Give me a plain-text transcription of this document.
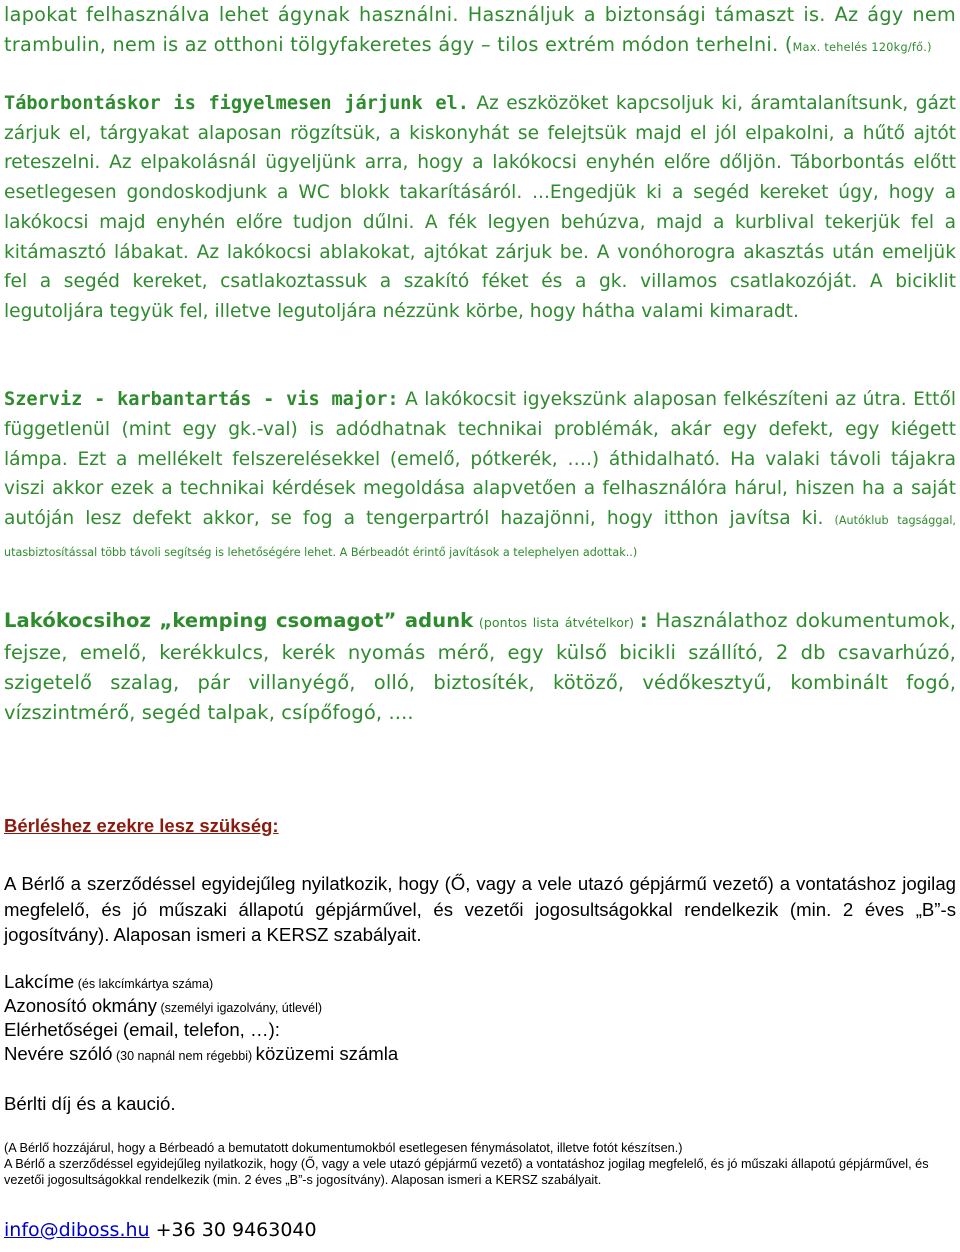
lapokat felhasználva lehet ágynak használni. Használjuk a biztonsági támaszt is. Az ágy nem trambulin, nem is az otthoni tölgyfakeretes ágy – tilos extrém módon terhelni. (Max. tehelés 120kg/fő.)

Táborbontáskor is figyelmesen járjunk el. Az eszközöket kapcsoljuk ki, áramtalanítsunk, gázt zárjuk el, tárgyakat alaposan rögzítsük, a kiskonyhát se felejtsük majd el jól elpakolni, a hűtő ajtót reteszelni. Az elpakolásnál ügyeljünk arra, hogy a lakókocsi enyhén előre dőljön. Táborbontás előtt esetlegesen gondoskodjunk a WC blokk takarításáról. ...Engedjük ki a segéd kereket úgy, hogy a lakókocsi majd enyhén előre tudjon dűlni. A fék legyen behúzva, majd a kurblival tekerjük fel a kitámasztó lábakat. Az lakókocsi ablakokat, ajtókat zárjuk be. A vonóhorogra akasztás után emeljük fel a segéd kereket, csatlakoztassuk a szakító féket és a gk. villamos csatlakozóját. A biciklit legutoljára tegyük fel, illetve legutoljára nézzünk körbe, hogy hátha valami kimaradt.

Szerviz - karbantartás - vis major: A lakókocsit igyekszünk alaposan felkészíteni az útra. Ettől függetlenül (mint egy gk.-val) is adódhatnak technikai problémák, akár egy defekt, egy kiégett lámpa. Ezt a mellékelt felszerelésekkel (emelő, pótkerék, ….) áthidalható. Ha valaki távoli tájakra viszi akkor ezek a technikai kérdések megoldása alapvetően a felhasználóra hárul, hiszen ha a saját autóján lesz defekt akkor, se fog a tengerpartról hazajönni, hogy itthon javítsa ki. (Autóklub tagsággal, utasbiztosítással több távoli segítség is lehetőségére lehet. A Bérbeadót érintő javítások a telephelyen adottak..)

Lakókocsihoz „kemping csomagot” adunk (pontos lista átvételkor) : Használathoz dokumentumok, fejsze, emelő, kerékkulcs, kerék nyomás mérő, egy külső bicikli szállító, 2 db csavarhúzó, szigetelő szalag, pár villanyégő, olló, biztosíték, kötöző, védőkesztyű, kombinált fogó, vízszintmérő, segéd talpak, csípőfogó, ....

Bérléshez ezekre lesz szükség:

A Bérlő a szerződéssel egyidejűleg nyilatkozik, hogy (Ő, vagy a vele utazó gépjármű vezető) a vontatáshoz jogilag megfelelő, és jó műszaki állapotú gépjárművel, és vezetői jogosultságokkal rendelkezik (min. 2 éves „B”-s jogosítvány). Alaposan ismeri a KERSZ szabályait.

Lakcíme (és lakcímkártya száma)
Azonosító okmány (személyi igazolvány, útlevél)
Elérhetőségei (email, telefon, …):
Nevére szóló (30 napnál nem régebbi) közüzemi számla
Bérlti díj és a kaució.
(A Bérlő hozzájárul, hogy a Bérbeadó a bemutatott dokumentumokból esetlegesen fénymásolatot, illetve fotót készítsen.)
A Bérlő a szerződéssel egyidejűleg nyilatkozik, hogy (Ő, vagy a vele utazó gépjármű vezető) a vontatáshoz jogilag megfelelő, és jó műszaki állapotú gépjárművel, és vezetői jogosultságokkal rendelkezik (min. 2 éves „B”-s jogosítvány). Alaposan ismeri a KERSZ szabályait.
info@diboss.hu +36 30 9463040
